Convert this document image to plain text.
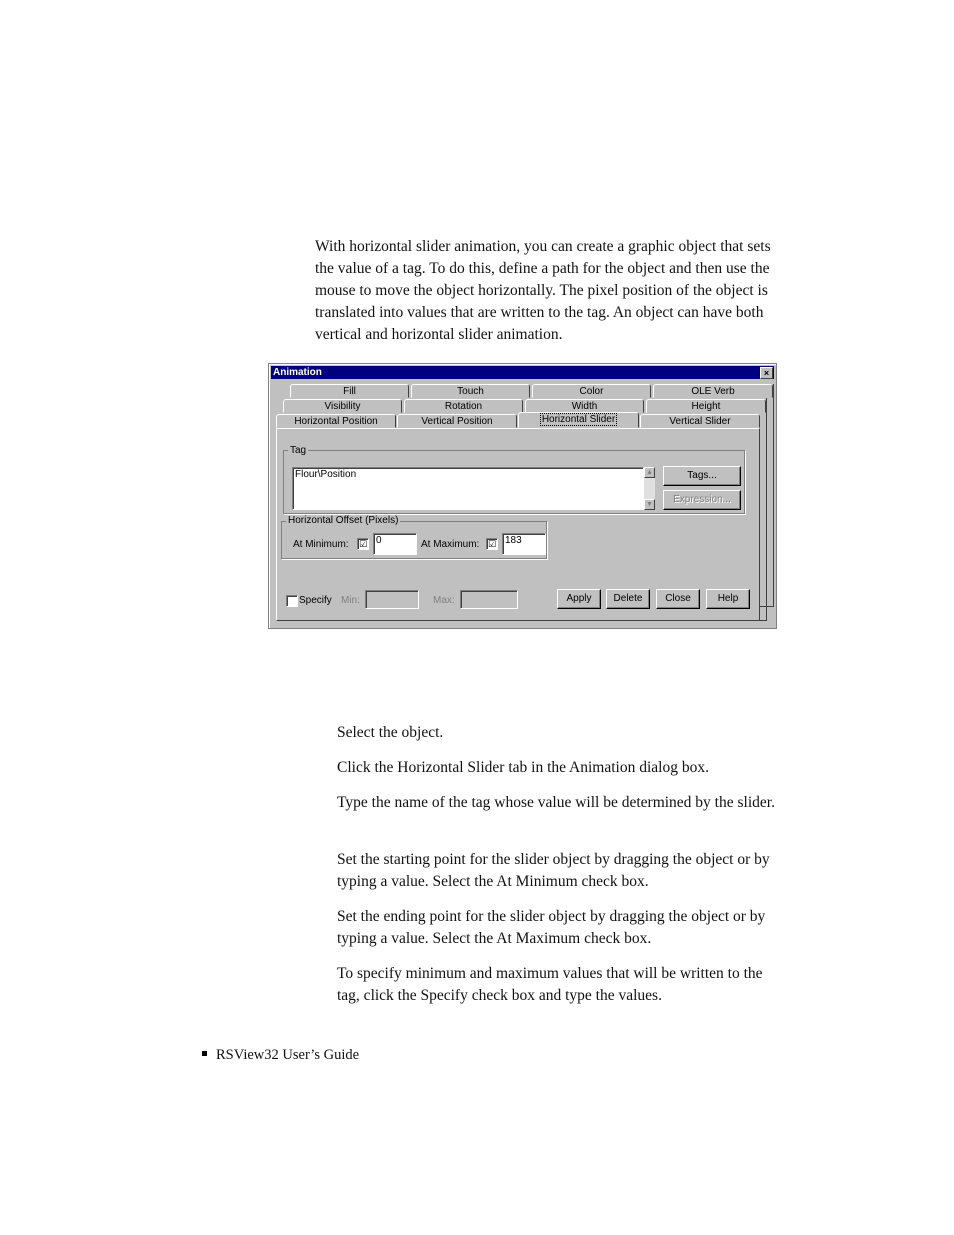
With horizontal slider animation, you can create a graphic object that sets the value of a tag. To do this, define a path for the object and then use the mouse to move the object horizontally. The pixel position of the object is translated into values that are written to the tag. An object can have both vertical and horizontal slider animation.

Animation	×
Fill	Touch	Color	OLE Verb
Visibility	Rotation	Width	Height
Horizontal Position	Vertical Position	Horizontal Slider	Vertical Slider
Tag
Flour\Position	▲
▼
Tags...
Expression...
Horizontal Offset (Pixels)
At Minimum: ☑ 0	At Maximum: ☑ 183
Specify Min:	Max:	Apply	Delete	Close	Help

Select the object.

Click the Horizontal Slider tab in the Animation dialog box.

Type the name of the tag whose value will be determined by the slider.

Set the starting point for the slider object by dragging the object or by typing a value. Select the At Minimum check box.

Set the ending point for the slider object by dragging the object or by typing a value. Select the At Maximum check box.

To specify minimum and maximum values that will be written to the tag, click the Specify check box and type the values.

RSView32 User’s Guide
